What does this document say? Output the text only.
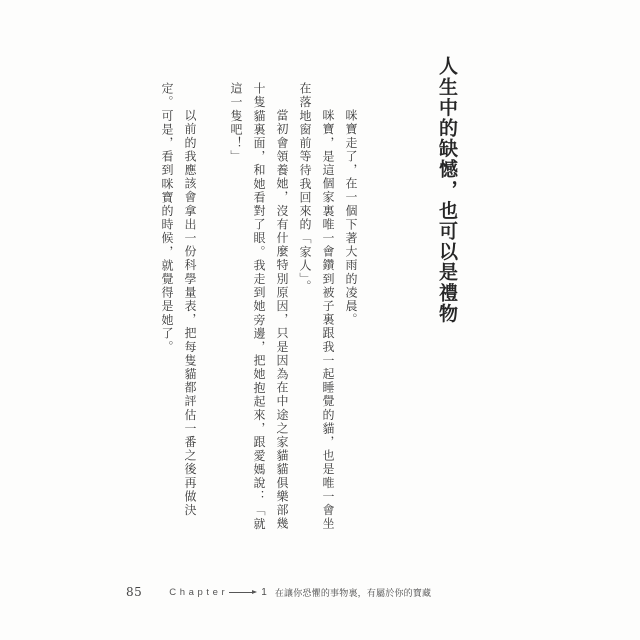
人生中的缺憾，也可以是禮物
咪寶走了，在一個下著大雨的凌晨。
咪寶，是這個家裏唯一會鑽到被子裏跟我一起睡覺的貓，也是唯一會坐
在落地窗前等待我回來的「家人」。
當初會領養她，沒有什麼特別原因，只是因為在中途之家貓貓俱樂部幾
十隻貓裏面，和她看對了眼。我走到她旁邊，把她抱起來，跟愛媽說：「就
這一隻吧！」
以前的我應該會拿出一份科學量表，把每隻貓都評估一番之後再做決
定。可是，看到咪寶的時候，就覺得是她了。
85	Chapter	1 在讓你恐懼的事物裏，有屬於你的寶藏
